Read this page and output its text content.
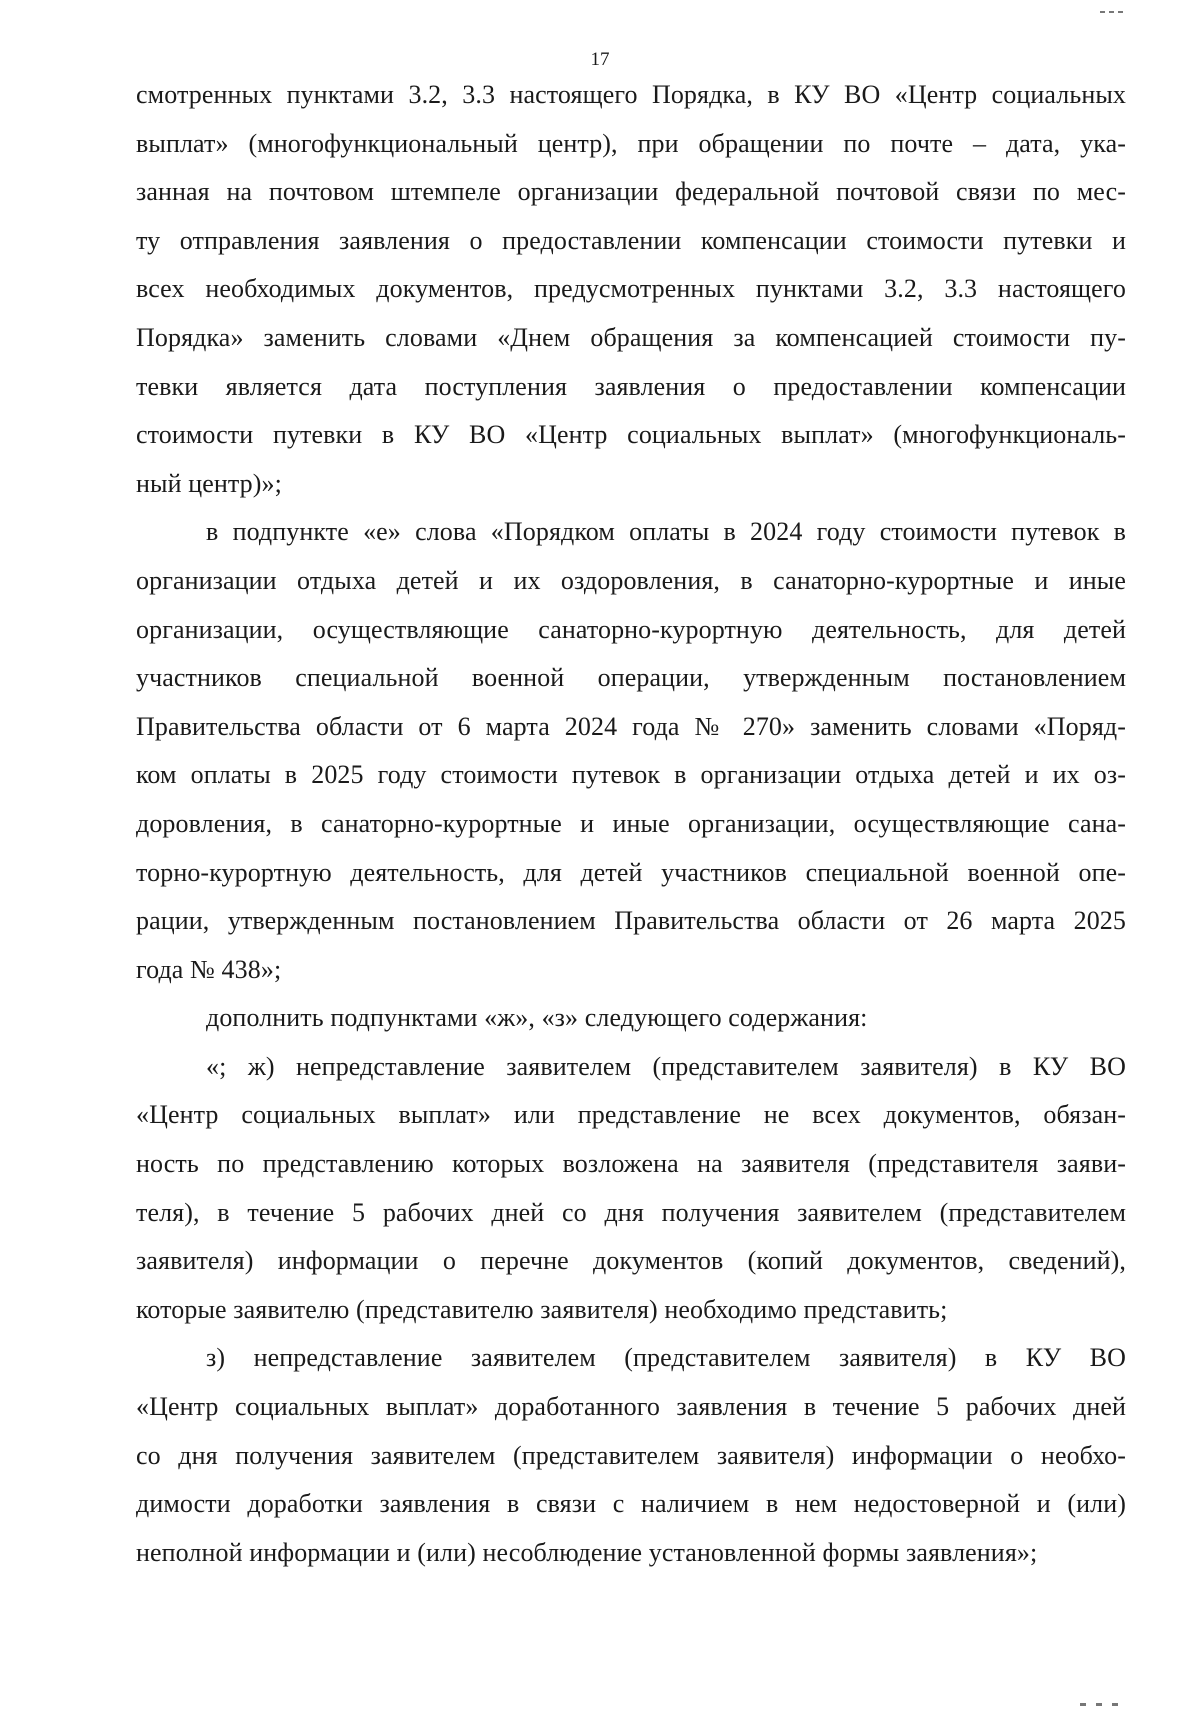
17
смотренных пунктами 3.2, 3.3 настоящего Порядка, в КУ ВО «Центр социальных
выплат» (многофункциональный центр), при обращении по почте – дата, ука-
занная на почтовом штемпеле организации федеральной почтовой связи по мес-
ту отправления заявления о предоставлении компенсации стоимости путевки и
всех необходимых документов, предусмотренных пунктами 3.2, 3.3 настоящего
Порядка» заменить словами «Днем обращения за компенсацией стоимости пу-
тевки является дата поступления заявления о предоставлении компенсации
стоимости путевки в КУ ВО «Центр социальных выплат» (многофункциональ-
ный центр)»;
в подпункте «е» слова «Порядком оплаты в 2024 году стоимости путевок в
организации отдыха детей и их оздоровления, в санаторно-курортные и иные
организации, осуществляющие санаторно-курортную деятельность, для детей
участников специальной военной операции, утвержденным постановлением
Правительства области от 6 марта 2024 года № 270» заменить словами «Поряд-
ком оплаты в 2025 году стоимости путевок в организации отдыха детей и их оз-
доровления, в санаторно-курортные и иные организации, осуществляющие сана-
торно-курортную деятельность, для детей участников специальной военной опе-
рации, утвержденным постановлением Правительства области от 26 марта 2025
года № 438»;
дополнить подпунктами «ж», «з» следующего содержания:
«; ж) непредставление заявителем (представителем заявителя) в КУ ВО
«Центр социальных выплат» или представление не всех документов, обязан-
ность по представлению которых возложена на заявителя (представителя заяви-
теля), в течение 5 рабочих дней со дня получения заявителем (представителем
заявителя) информации о перечне документов (копий документов, сведений),
которые заявителю (представителю заявителя) необходимо представить;
з) непредставление заявителем (представителем заявителя) в КУ ВО
«Центр социальных выплат» доработанного заявления в течение 5 рабочих дней
со дня получения заявителем (представителем заявителя) информации о необхо-
димости доработки заявления в связи с наличием в нем недостоверной и (или)
неполной информации и (или) несоблюдение установленной формы заявления»;
